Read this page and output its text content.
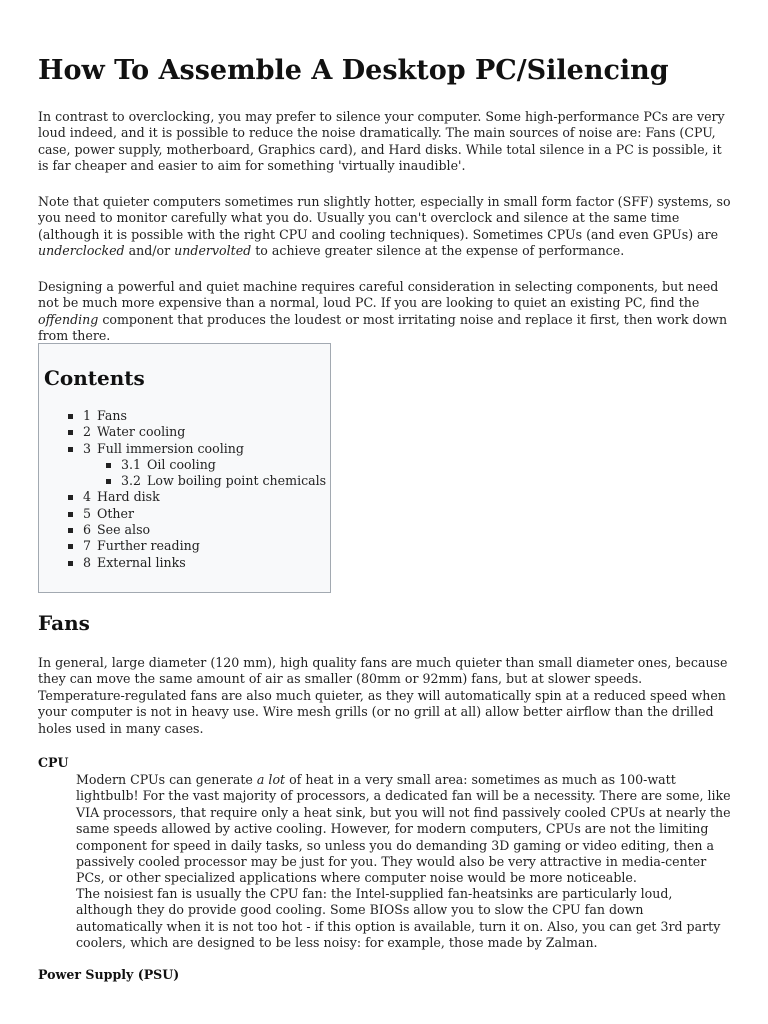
How To Assemble A Desktop PC/Silencing

In contrast to overclocking, you may prefer to silence your computer. Some high-performance PCs are very loud indeed, and it is possible to reduce the noise dramatically. The main sources of noise are: Fans (CPU, case, power supply, motherboard, Graphics card), and Hard disks. While total silence in a PC is possible, it is far cheaper and easier to aim for something 'virtually inaudible'.

Note that quieter computers sometimes run slightly hotter, especially in small form factor (SFF) systems, so you need to monitor carefully what you do. Usually you can't overclock and silence at the same time (although it is possible with the right CPU and cooling techniques). Sometimes CPUs (and even GPUs) are underclocked and/or undervolted to achieve greater silence at the expense of performance.

Designing a powerful and quiet machine requires careful consideration in selecting components, but need not be much more expensive than a normal, loud PC. If you are looking to quiet an existing PC, find the offending component that produces the loudest or most irritating noise and replace it first, then work down from there.

Contents
1 Fans
2 Water cooling
3 Full immersion cooling
3.1 Oil cooling
3.2 Low boiling point chemicals
4 Hard disk
5 Other
6 See also
7 Further reading
8 External links
Fans

In general, large diameter (120 mm), high quality fans are much quieter than small diameter ones, because they can move the same amount of air as smaller (80mm or 92mm) fans, but at slower speeds. Temperature-regulated fans are also much quieter, as they will automatically spin at a reduced speed when your computer is not in heavy use. Wire mesh grills (or no grill at all) allow better airflow than the drilled holes used in many cases.

CPU

Modern CPUs can generate a lot of heat in a very small area: sometimes as much as 100-watt lightbulb! For the vast majority of processors, a dedicated fan will be a necessity. There are some, like VIA processors, that require only a heat sink, but you will not find passively cooled CPUs at nearly the same speeds allowed by active cooling. However, for modern computers, CPUs are not the limiting component for speed in daily tasks, so unless you do demanding 3D gaming or video editing, then a passively cooled processor may be just for you. They would also be very attractive in media-center PCs, or other specialized applications where computer noise would be more noticeable.

The noisiest fan is usually the CPU fan: the Intel-supplied fan-heatsinks are particularly loud, although they do provide good cooling. Some BIOSs allow you to slow the CPU fan down automatically when it is not too hot - if this option is available, turn it on. Also, you can get 3rd party coolers, which are designed to be less noisy: for example, those made by Zalman.

Power Supply (PSU)
